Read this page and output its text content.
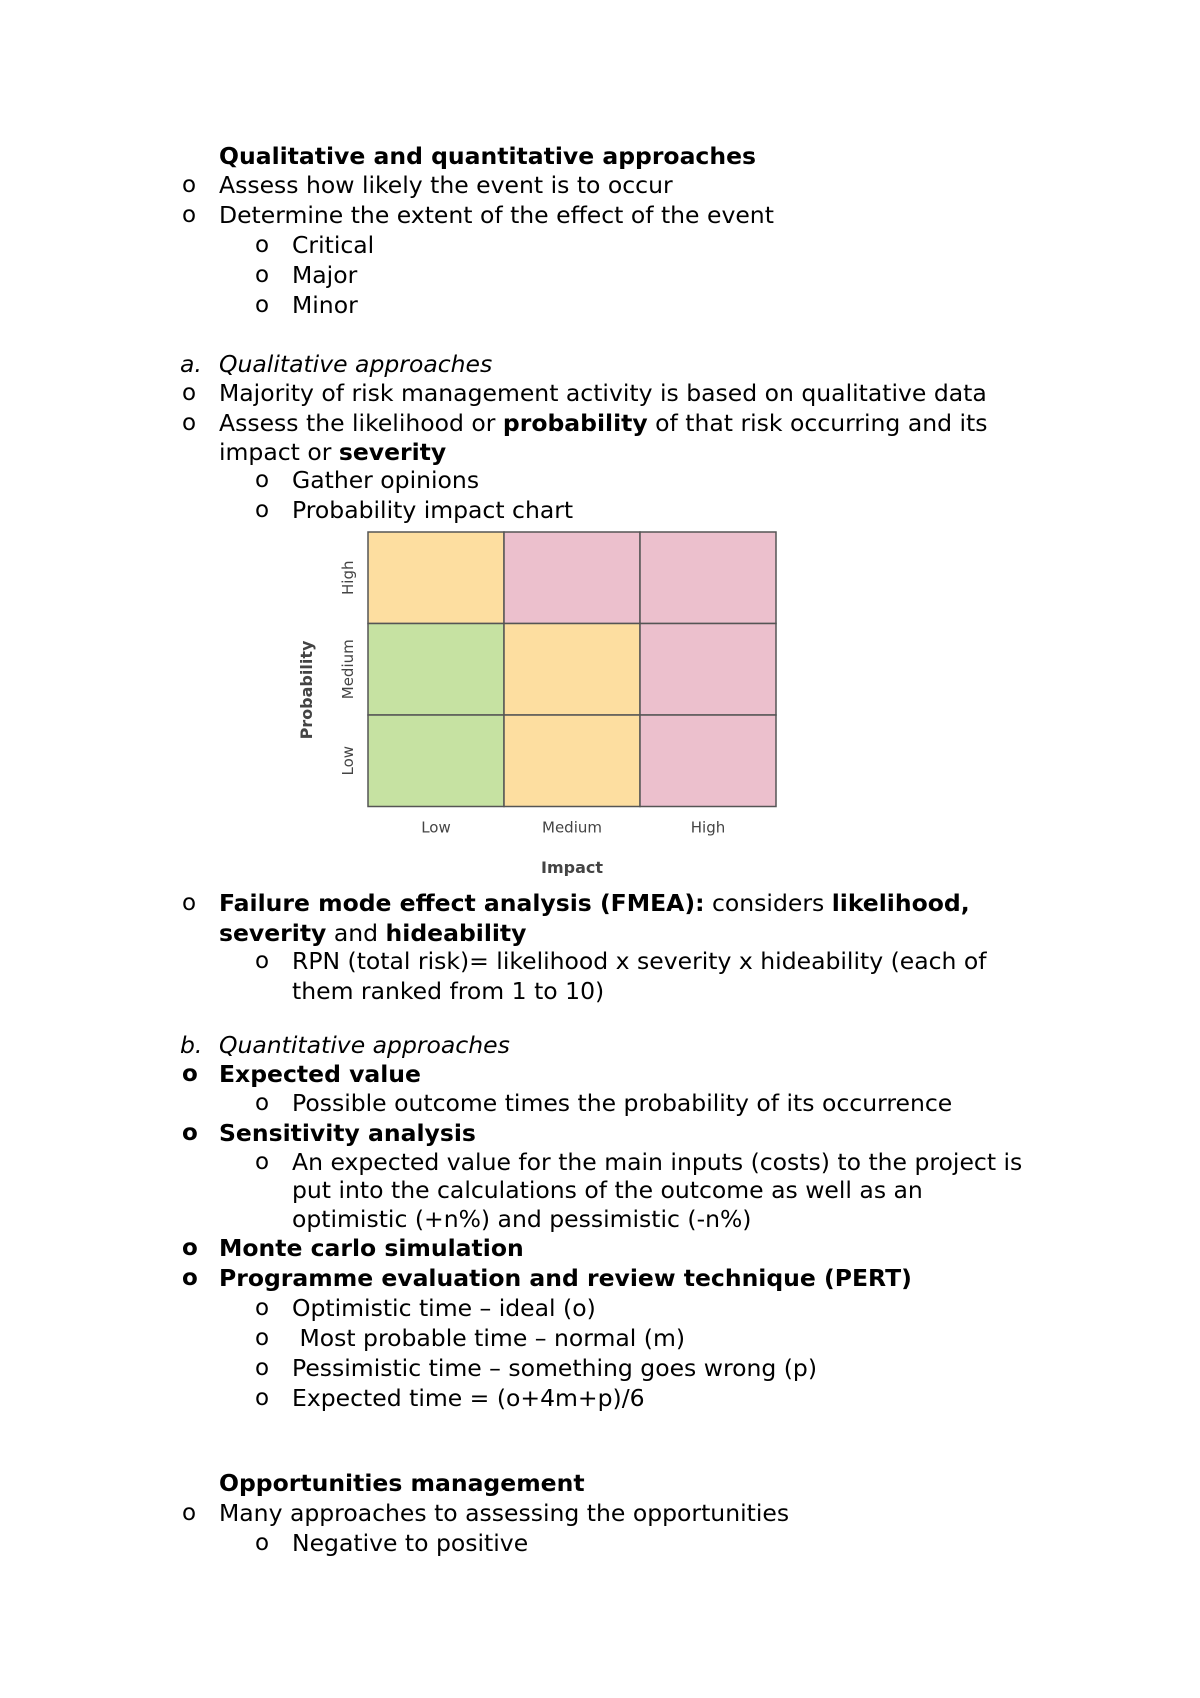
Qualitative and quantitative approaches
o Assess how likely the event is to occur
o Determine the extent of the effect of the event
o Critical
o Major
o Minor
a. Qualitative approaches
o Majority of risk management activity is based on qualitative data
o Assess the likelihood or probability of that risk occurring and its
impact or severity
o Gather opinions
o Probability impact chart
Low
Medium
High
Low	Medium	High
Probability
Impact
o Failure mode effect analysis (FMEA): considers likelihood,
severity and hideability
o RPN (total risk)= likelihood x severity x hideability (each of
them ranked from 1 to 10)
b. Quantitative approaches
o Expected value
o Possible outcome times the probability of its occurrence
o Sensitivity analysis
o An expected value for the main inputs (costs) to the project is
put into the calculations of the outcome as well as an
optimistic (+n%) and pessimistic (-n%)
o Monte carlo simulation
o Programme evaluation and review technique (PERT)
o Optimistic time – ideal (o)
o Most probable time – normal (m)
o Pessimistic time – something goes wrong (p)
o Expected time = (o+4m+p)/6
Opportunities management
o Many approaches to assessing the opportunities
o Negative to positive
